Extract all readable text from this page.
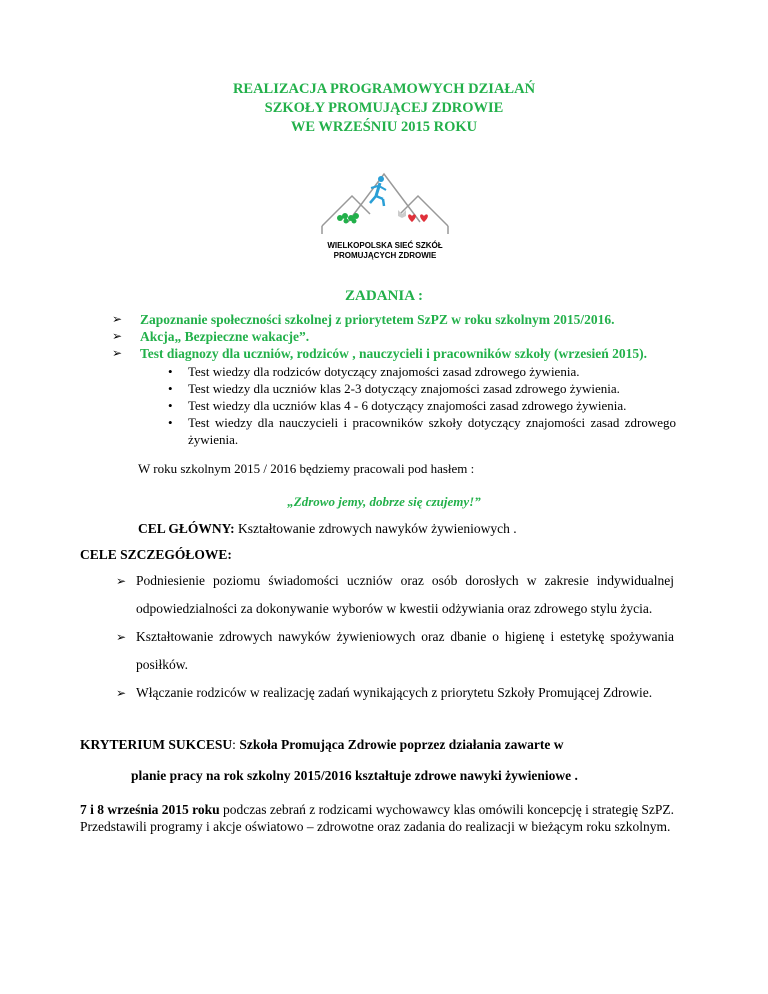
REALIZACJA PROGRAMOWYCH DZIAŁAŃ
SZKOŁY PROMUJĄCEJ ZDROWIE
WE WRZEŚNIU 2015 ROKU
WIELKOPOLSKA SIEĆ SZKÓŁ
PROMUJĄCYCH ZDROWIE
ZADANIA :
➢ Zapoznanie społeczności szkolnej z priorytetem SzPZ w roku szkolnym 2015/2016.
➢ Akcja„ Bezpieczne wakacje”.
➢ Test diagnozy dla uczniów, rodziców , nauczycieli i pracowników szkoły (wrzesień 2015).
• Test wiedzy dla rodziców dotyczący znajomości zasad zdrowego żywienia.
• Test wiedzy dla uczniów klas 2-3 dotyczący znajomości zasad zdrowego żywienia.
• Test wiedzy dla uczniów klas 4 - 6 dotyczący znajomości zasad zdrowego żywienia.
• Test wiedzy dla nauczycieli i pracowników szkoły dotyczący znajomości zasad zdrowego żywienia.
W roku szkolnym 2015 / 2016 będziemy pracowali pod hasłem :
„Zdrowo jemy, dobrze się czujemy!”
CEL GŁÓWNY: Kształtowanie zdrowych nawyków żywieniowych .
CELE SZCZEGÓŁOWE:
➢ Podniesienie poziomu świadomości uczniów oraz osób dorosłych w zakresie indywidualnej odpowiedzialności za dokonywanie wyborów w kwestii odżywiania oraz zdrowego stylu życia.
➢ Kształtowanie zdrowych nawyków żywieniowych oraz dbanie o higienę i estetykę spożywania posiłków.
➢ Włączanie rodziców w realizację zadań wynikających z priorytetu Szkoły Promującej Zdrowie.
KRYTERIUM SUKCESU: Szkoła Promująca Zdrowie poprzez działania zawarte w
planie pracy na rok szkolny 2015/2016 kształtuje zdrowe nawyki żywieniowe .
7 i 8 września 2015 roku podczas zebrań z rodzicami wychowawcy klas omówili koncepcję i strategię SzPZ. Przedstawili programy i akcje oświatowo – zdrowotne oraz zadania do realizacji w bieżącym roku szkolnym.
